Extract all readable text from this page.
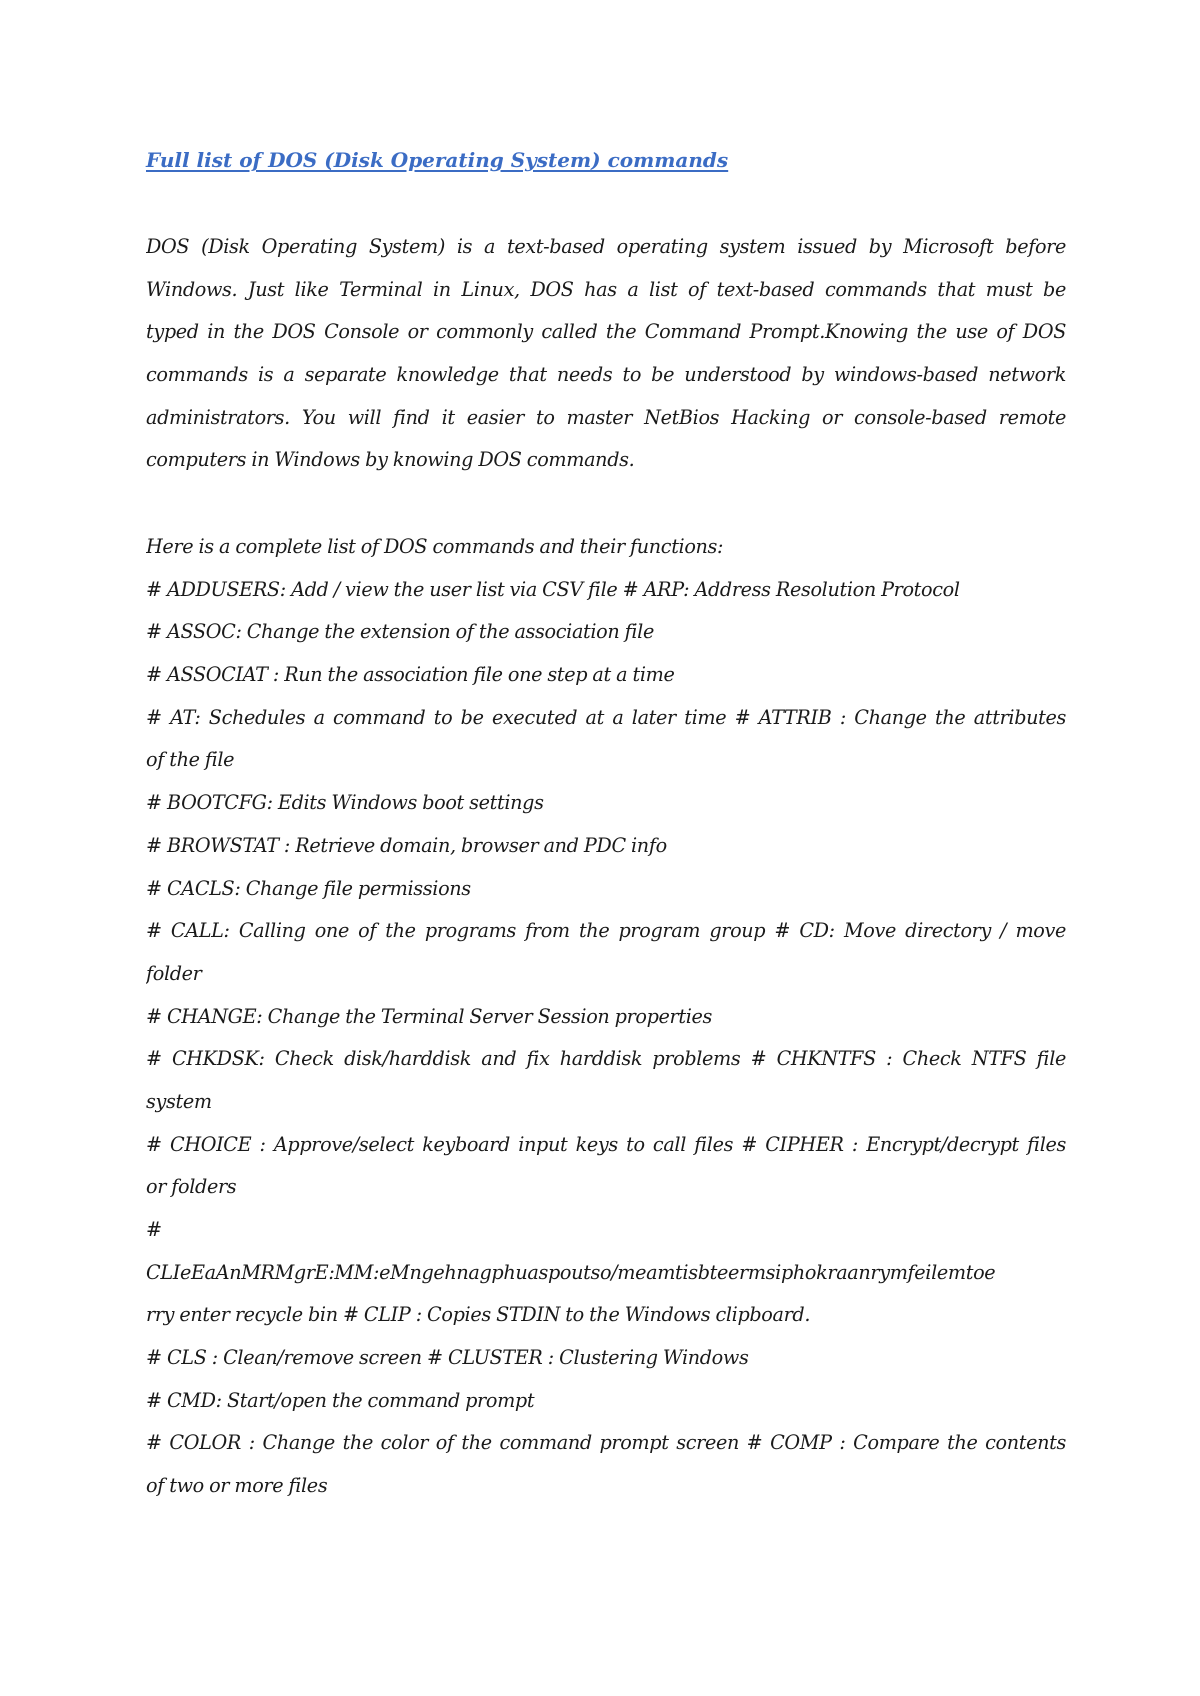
Full list of DOS (Disk Operating System) commands
DOS (Disk Operating System) is a text-based operating system issued by Microsoft before
Windows. Just like Terminal in Linux, DOS has a list of text-based commands that must be
typed in the DOS Console or commonly called the Command Prompt.Knowing the use of DOS
commands is a separate knowledge that needs to be understood by windows-based network
administrators. You will find it easier to master NetBios Hacking or console-based remote
computers in Windows by knowing DOS commands.
Here is a complete list of DOS commands and their functions:
# ADDUSERS: Add / view the user list via CSV file # ARP: Address Resolution Protocol
# ASSOC: Change the extension of the association file
# ASSOCIAT : Run the association file one step at a time
# AT: Schedules a command to be executed at a later time # ATTRIB : Change the attributes
of the file
# BOOTCFG: Edits Windows boot settings
# BROWSTAT : Retrieve domain, browser and PDC info
# CACLS: Change file permissions
# CALL: Calling one of the programs from the program group # CD: Move directory / move
folder
# CHANGE: Change the Terminal Server Session properties
# CHKDSK: Check disk/harddisk and fix harddisk problems # CHKNTFS : Check NTFS file
system
# CHOICE : Approve/select keyboard input keys to call files # CIPHER : Encrypt/decrypt files
or folders
#
CLIeEaAnMRMgrE:MM:eMngehnagphuaspoutso/meamtisbteermsiphokraanrymfeilemtoe
rry enter recycle bin # CLIP : Copies STDIN to the Windows clipboard.
# CLS : Clean/remove screen # CLUSTER : Clustering Windows
# CMD: Start/open the command prompt
# COLOR : Change the color of the command prompt screen # COMP : Compare the contents
of two or more files
